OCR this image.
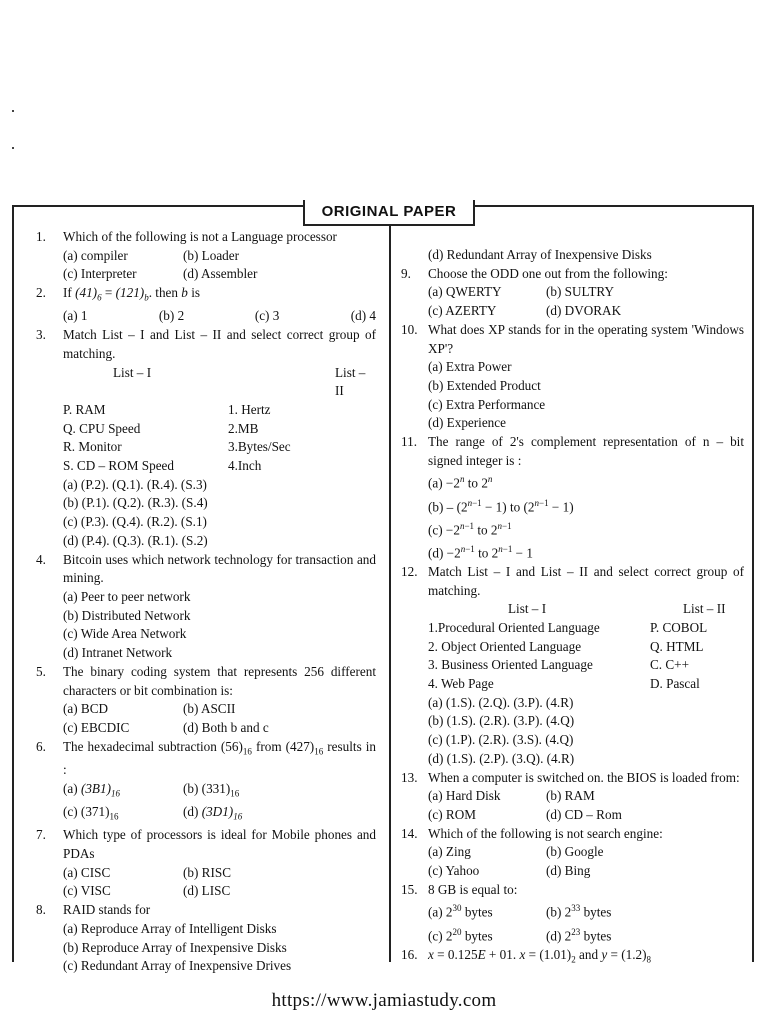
ORIGINAL PAPER
1.	Which of the following is not a Language processor
(a) compiler	(b) Loader
(c) Interpreter	(d) Assembler
2.	If $(41)_6 = (121)_b$. then b is
(a) 1	(b) 2	(c) 3	(d) 4
3.	Match List – I and List – II and select correct group of matching.
List – I	List – II
P. RAM	1. Hertz
Q. CPU Speed	2.MB
R. Monitor	3.Bytes/Sec
S. CD – ROM Speed	4.Inch
(a) (P.2). (Q.1). (R.4). (S.3)
(b) (P.1). (Q.2). (R.3). (S.4)
(c) (P.3). (Q.4). (R.2). (S.1)
(d) (P.4). (Q.3). (R.1). (S.2)
4.	Bitcoin uses which network technology for transaction and mining.
(a) Peer to peer network
(b) Distributed Network
(c) Wide Area Network
(d) Intranet Network
5.	The binary coding system that represents 256 different characters or bit combination is:
(a) BCD	(b) ASCII
(c) EBCDIC	(d) Both b and c
6.	The hexadecimal subtraction $(56)_{16}$ from $(427)_{16}$ results in :
(a) $(3B1)_{16}$	(b) $(331)_{16}$
(c) $(371)_{16}$	(d) $(3D1)_{16}$
7.	Which type of processors is ideal for Mobile phones and PDAs
(a) CISC	(b) RISC
(c) VISC	(d) LISC
8.	RAID stands for
(a) Reproduce Array of Intelligent Disks
(b) Reproduce Array of Inexpensive Disks
(c) Redundant Array of Inexpensive Drives
(d) Redundant Array of Inexpensive Disks
9.	Choose the ODD one out from the following:
(a) QWERTY	(b) SULTRY
(c) AZERTY	(d) DVORAK
10. What does XP stands for in the operating system 'Windows XP'?
(a) Extra Power
(b) Extended Product
(c) Extra Performance
(d) Experience
11. The range of 2's complement representation of n – bit signed integer is :
$(a) -2^n$ to 2$^n$
$(b) - (2^{n-1} - 1)$ to $(2^{n-1} - 1)$
$(c) -2^{n-1}$ to $2^{n-1}$
$(d) -2^{n-1}$ to $2^{n-1} - 1$
12. Match List – I and List – II and select correct group of matching.
List – I	List – II
1.Procedural Oriented Language	P. COBOL
2. Object Oriented Language	Q. HTML
3. Business Oriented Language	C. C++
4. Web Page	D. Pascal
(a) (1.S). (2.Q). (3.P). (4.R)
(b) (1.S). (2.R). (3.P). (4.Q)
(c) (1.P). (2.R). (3.S). (4.Q)
(d) (1.S). (2.P). (3.Q). (4.R)
13. When a computer is switched on. the BIOS is loaded from:
(a) Hard Disk	(b) RAM
(c) ROM	(d) CD – Rom
14. Which of the following is not search engine:
(a) Zing	(b) Google
(c) Yahoo	(d) Bing
15. 8 GB is equal to:
(a) $2^{30}$ bytes	(b) $2^{33}$ bytes
(c) $2^{20}$ bytes	(d) $2^{23}$ bytes
16. x = 0.125E + 01. $x = (1.01)_2$ and $y = (1.2)_8$
https://www.jamiastudy.com
